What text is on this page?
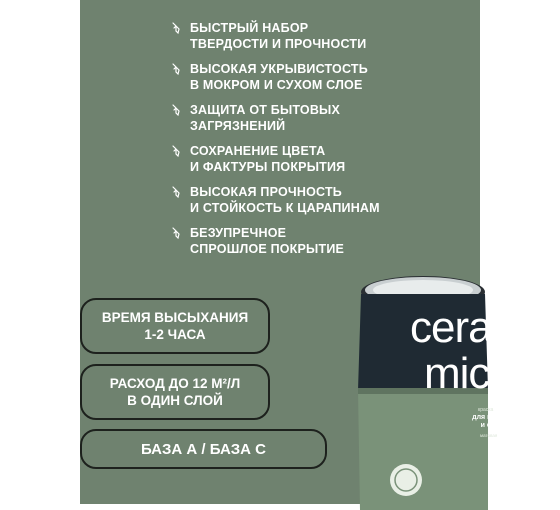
БЫСТРЫЙ НАБОР
ТВЕРДОСТИ И ПРОЧНОСТИ
ВЫСОКАЯ УКРЫВИСТОСТЬ
В МОКРОМ И СУХОМ СЛОЕ
ЗАЩИТА ОТ БЫТОВЫХ
ЗАГРЯЗНЕНИЙ
СОХРАНЕНИЕ ЦВЕТА
И ФАКТУРЫ ПОКРЫТИЯ
ВЫСОКАЯ ПРОЧНОСТЬ
И СТОЙКОСТЬ К ЦАРАПИНАМ
БЕЗУПРЕЧНОЕ
СПРОШЛОЕ ПОКРЫТИЕ
ВРЕМЯ ВЫСЫХАНИЯ
1-2 ЧАСА
РАСХОД ДО 12 М²/Л
В ОДИН СЛОЙ
БАЗА А / БАЗА С
cera
mic
краска
для гостиных
и спален
матовая
